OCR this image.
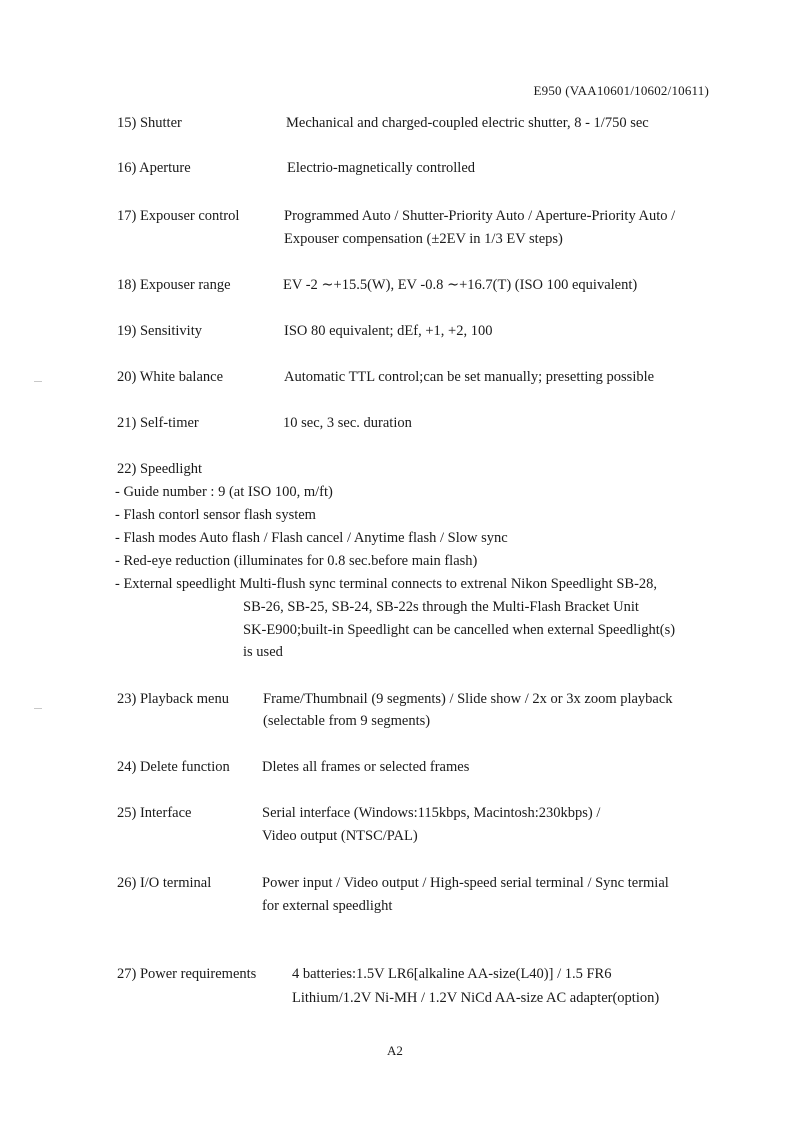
E950 (VAA10601/10602/10611)
15) Shutter	Mechanical and charged-coupled electric shutter, 8 - 1/750 sec
16) Aperture	Electrio-magnetically controlled
17) Expouser control	Programmed Auto / Shutter-Priority Auto / Aperture-Priority Auto /
Expouser compensation (±2EV in 1/3 EV steps)
18) Expouser range	EV -2 ∼+15.5(W), EV -0.8 ∼+16.7(T) (ISO 100 equivalent)
19) Sensitivity	ISO 80 equivalent; dEf, +1, +2, 100
20) White balance	Automatic TTL control;can be set manually; presetting possible
21) Self-timer	10 sec, 3 sec. duration
22) Speedlight
- Guide number : 9 (at ISO 100, m/ft)
- Flash contorl sensor flash system
- Flash modes Auto flash / Flash cancel / Anytime flash / Slow sync
- Red-eye reduction (illuminates for 0.8 sec.before main flash)
- External speedlight Multi-flush sync terminal connects to extrenal Nikon Speedlight SB-28,
SB-26, SB-25, SB-24, SB-22s through the Multi-Flash Bracket Unit
SK-E900;built-in Speedlight can be cancelled when external Speedlight(s)
is used
23) Playback menu Frame/Thumbnail (9 segments) / Slide show / 2x or 3x zoom playback
(selectable from 9 segments)
24) Delete function Dletes all frames or selected frames
25) Interface	Serial interface (Windows:115kbps, Macintosh:230kbps) /
Video output (NTSC/PAL)
26) I/O terminal	Power input / Video output / High-speed serial terminal / Sync termial
for external speedlight
27) Power requirements 4 batteries:1.5V LR6[alkaline AA-size(L40)] / 1.5 FR6
Lithium/1.2V Ni-MH / 1.2V NiCd AA-size AC adapter(option)
A2
